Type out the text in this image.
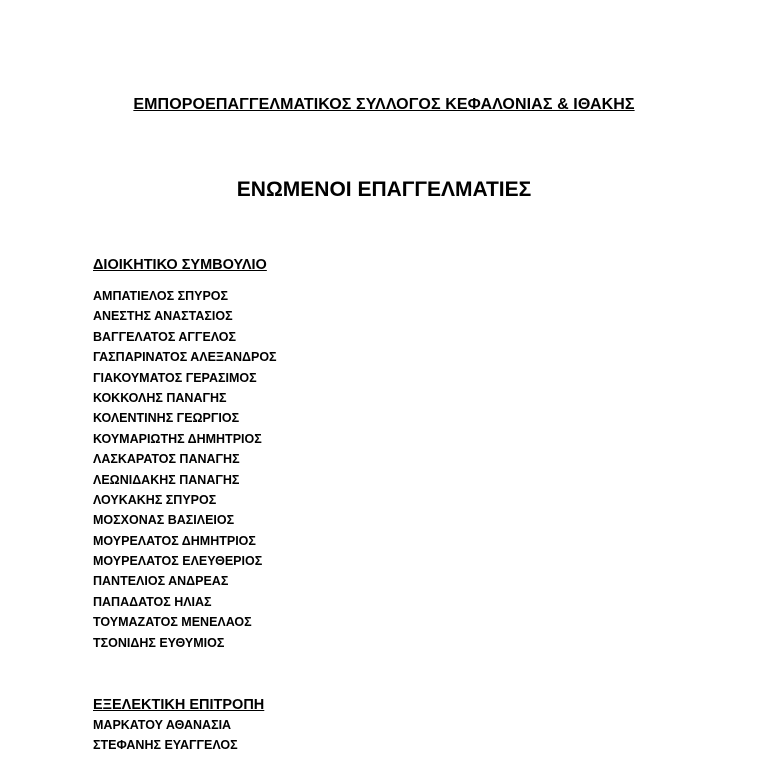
ΕΜΠΟΡΟΕΠΑΓΓΕΛΜΑΤΙΚΟΣ ΣΥΛΛΟΓΟΣ ΚΕΦΑΛΟΝΙΑΣ & ΙΘΑΚΗΣ
ΕΝΩΜΕΝΟΙ ΕΠΑΓΓΕΛΜΑΤΙΕΣ
ΔΙΟΙΚΗΤΙΚΟ ΣΥΜΒΟΥΛΙΟ
ΑΜΠΑΤΙΕΛΟΣ ΣΠΥΡΟΣ
ΑΝΕΣΤΗΣ ΑΝΑΣΤΑΣΙΟΣ
ΒΑΓΓΕΛΑΤΟΣ ΑΓΓΕΛΟΣ
ΓΑΣΠΑΡΙΝΑΤΟΣ ΑΛΕΞΑΝΔΡΟΣ
ΓΙΑΚΟΥΜΑΤΟΣ ΓΕΡΑΣΙΜΟΣ
ΚΟΚΚΟΛΗΣ ΠΑΝΑΓΗΣ
ΚΟΛΕΝΤΙΝΗΣ ΓΕΩΡΓΙΟΣ
ΚΟΥΜΑΡΙΩΤΗΣ ΔΗΜΗΤΡΙΟΣ
ΛΑΣΚΑΡΑΤΟΣ ΠΑΝΑΓΗΣ
ΛΕΩΝΙΔΑΚΗΣ ΠΑΝΑΓΗΣ
ΛΟΥΚΑΚΗΣ ΣΠΥΡΟΣ
ΜΟΣΧΟΝΑΣ ΒΑΣΙΛΕΙΟΣ
ΜΟΥΡΕΛΑΤΟΣ ΔΗΜΗΤΡΙΟΣ
ΜΟΥΡΕΛΑΤΟΣ ΕΛΕΥΘΕΡΙΟΣ
ΠΑΝΤΕΛΙΟΣ ΑΝΔΡΕΑΣ
ΠΑΠΑΔΑΤΟΣ ΗΛΙΑΣ
ΤΟΥΜΑΖΑΤΟΣ ΜΕΝΕΛΑΟΣ
ΤΣΟΝΙΔΗΣ ΕΥΘΥΜΙΟΣ
ΕΞΕΛΕΚΤΙΚΗ ΕΠΙΤΡΟΠΗ
ΜΑΡΚΑΤΟΥ ΑΘΑΝΑΣΙΑ
ΣΤΕΦΑΝΗΣ ΕΥΑΓΓΕΛΟΣ
